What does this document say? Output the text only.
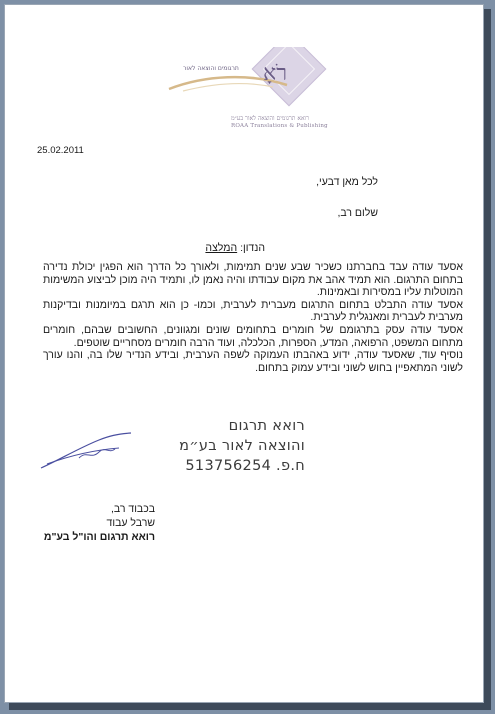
רֹאָ
תרגומים והוצאה לאור
רואא תרגומים והוצאה לאור בע״מ
ROAA Translations & Publishing
25.02.2011
לכל מאן דבעי,
שלום רב,
הנדון: המלצה

אסעד עודה עבד בחברתנו כשכיר שבע שנים תמימות, ולאורך כל הדרך הוא הפגין יכולת נדירה בתחום התרגום. הוא תמיד אהב את מקום עבודתו והיה נאמן לו, ותמיד היה מוכן לביצוע המשימות המוטלות עליו במסירות ובאמינות.

אסעד עודה התבלט בתחום התרגום מעברית לערבית, וכמו- כן הוא תרגם במיומנות ובדיקנות מערבית לעברית ומאנגלית לערבית.

אסעד עודה עסק בתרגומם של חומרים בתחומים שונים ומגוונים, החשובים שבהם, חומרים מתחום המשפט, הרפואה, המדע, הספרות, הכלכלה, ועוד הרבה חומרים מסחריים שוטפים.

נוסיף עוד, שאסעד עודה, ידוע באהבתו העמוקה לשפה הערבית, ובידע הנדיר שלו בה, והנו עורך לשוני המתאפיין בחוש לשוני ובידע עמוק בתחום.

רואא תרגום
והוצאה לאור בע״מ
ח.פ. 513756254
בכבוד רב,
שרבל עבוד
רואא תרגום והו"ל בע"מ
